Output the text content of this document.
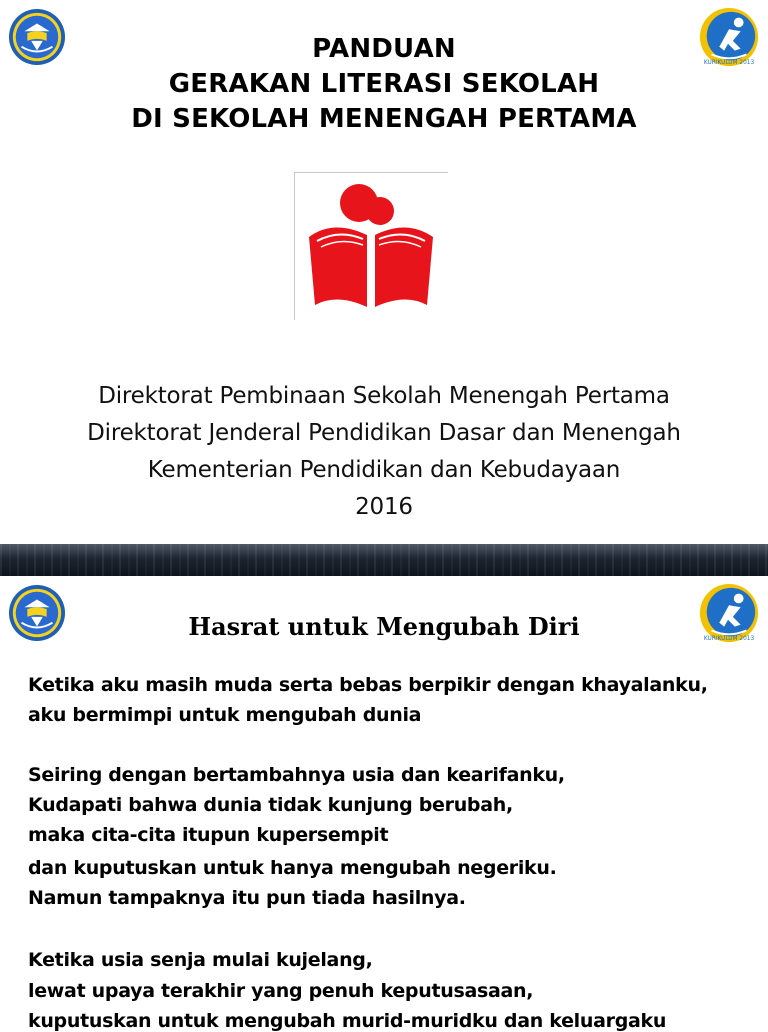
KURIKULUM 2013
PANDUAN
GERAKAN LITERASI SEKOLAH
DI SEKOLAH MENENGAH PERTAMA
Direktorat Pembinaan Sekolah Menengah Pertama
Direktorat Jenderal Pendidikan Dasar dan Menengah
Kementerian Pendidikan dan Kebudayaan
2016
KURIKULUM 2013
Hasrat untuk Mengubah Diri
Ketika aku masih muda serta bebas berpikir dengan khayalanku,
aku bermimpi untuk mengubah dunia
Seiring dengan bertambahnya usia dan kearifanku,
Kudapati bahwa dunia tidak kunjung berubah,
maka cita-cita itupun kupersempit
dan kuputuskan untuk hanya mengubah negeriku.
Namun tampaknya itu pun tiada hasilnya.
Ketika usia senja mulai kujelang,
lewat upaya terakhir yang penuh keputusasaan,
kuputuskan untuk mengubah murid-muridku dan keluargaku
